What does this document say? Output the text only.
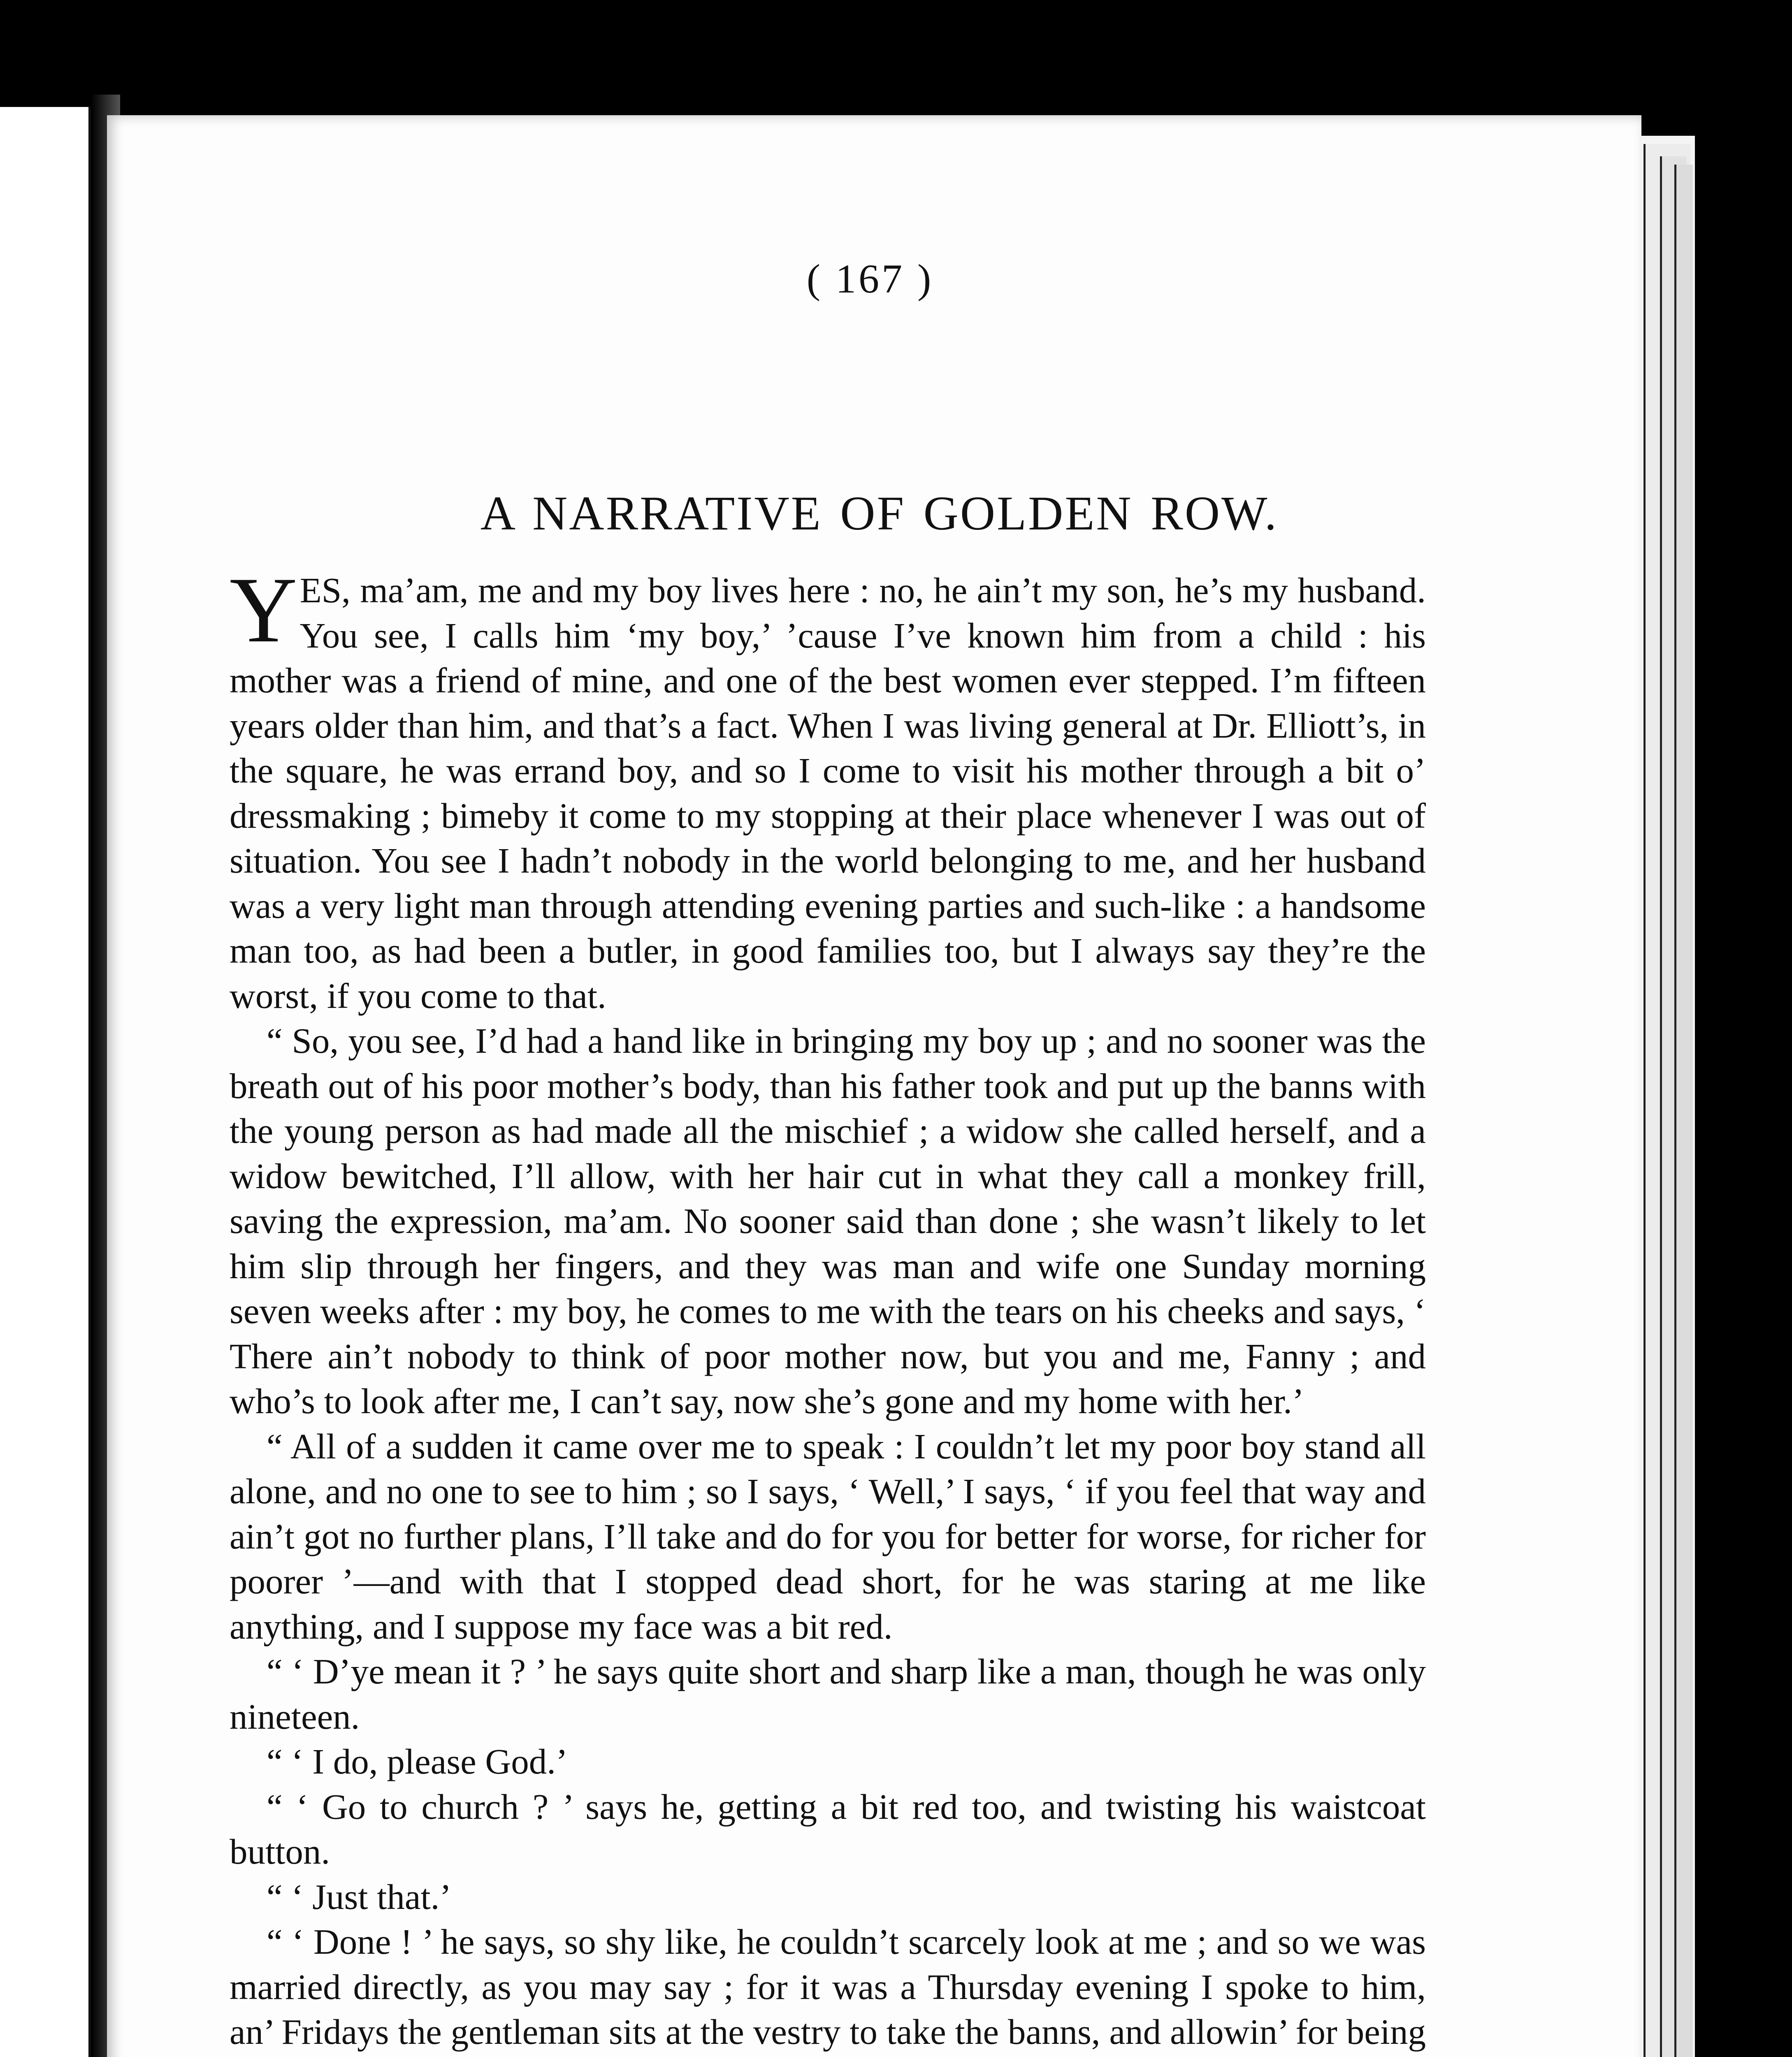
( 167 )
A NARRATIVE OF GOLDEN ROW.

YES, ma’am, me and my boy lives here : no, he ain’t my son, he’s my husband. You see, I calls him ‘my boy,’ ’cause I’ve known him from a child : his mother was a friend of mine, and one of the best women ever stepped. I’m fifteen years older than him, and that’s a fact. When I was living general at Dr. Elliott’s, in the square, he was errand boy, and so I come to visit his mother through a bit o’ dressmaking ; bimeby it come to my stopping at their place whenever I was out of situation. You see I hadn’t nobody in the world belonging to me, and her husband was a very light man through attending evening parties and such-like : a handsome man too, as had been a butler, in good families too, but I always say they’re the worst, if you come to that.

“ So, you see, I’d had a hand like in bringing my boy up ; and no sooner was the breath out of his poor mother’s body, than his father took and put up the banns with the young person as had made all the mischief ; a widow she called herself, and a widow bewitched, I’ll allow, with her hair cut in what they call a monkey frill, saving the expression, ma’am. No sooner said than done ; she wasn’t likely to let him slip through her fingers, and they was man and wife one Sunday morning seven weeks after : my boy, he comes to me with the tears on his cheeks and says, ‘ There ain’t nobody to think of poor mother now, but you and me, Fanny ; and who’s to look after me, I can’t say, now she’s gone and my home with her.’

“ All of a sudden it came over me to speak : I couldn’t let my poor boy stand all alone, and no one to see to him ; so I says, ‘ Well,’ I says, ‘ if you feel that way and ain’t got no further plans, I’ll take and do for you for better for worse, for richer for poorer ’—and with that I stopped dead short, for he was staring at me like anything, and I suppose my face was a bit red.

“ ‘ D’ye mean it ? ’ he says quite short and sharp like a man, though he was only nineteen.

“ ‘ I do, please God.’

“ ‘ Go to church ? ’ says he, getting a bit red too, and twisting his waistcoat button.

“ ‘ Just that.’

“ ‘ Done ! ’ he says, so shy like, he couldn’t scarcely look at me ; and so we was married directly, as you may say ; for it was a Thursday evening I spoke to him, an’ Fridays the gentleman sits at the vestry to take the banns, and allowin’ for being
